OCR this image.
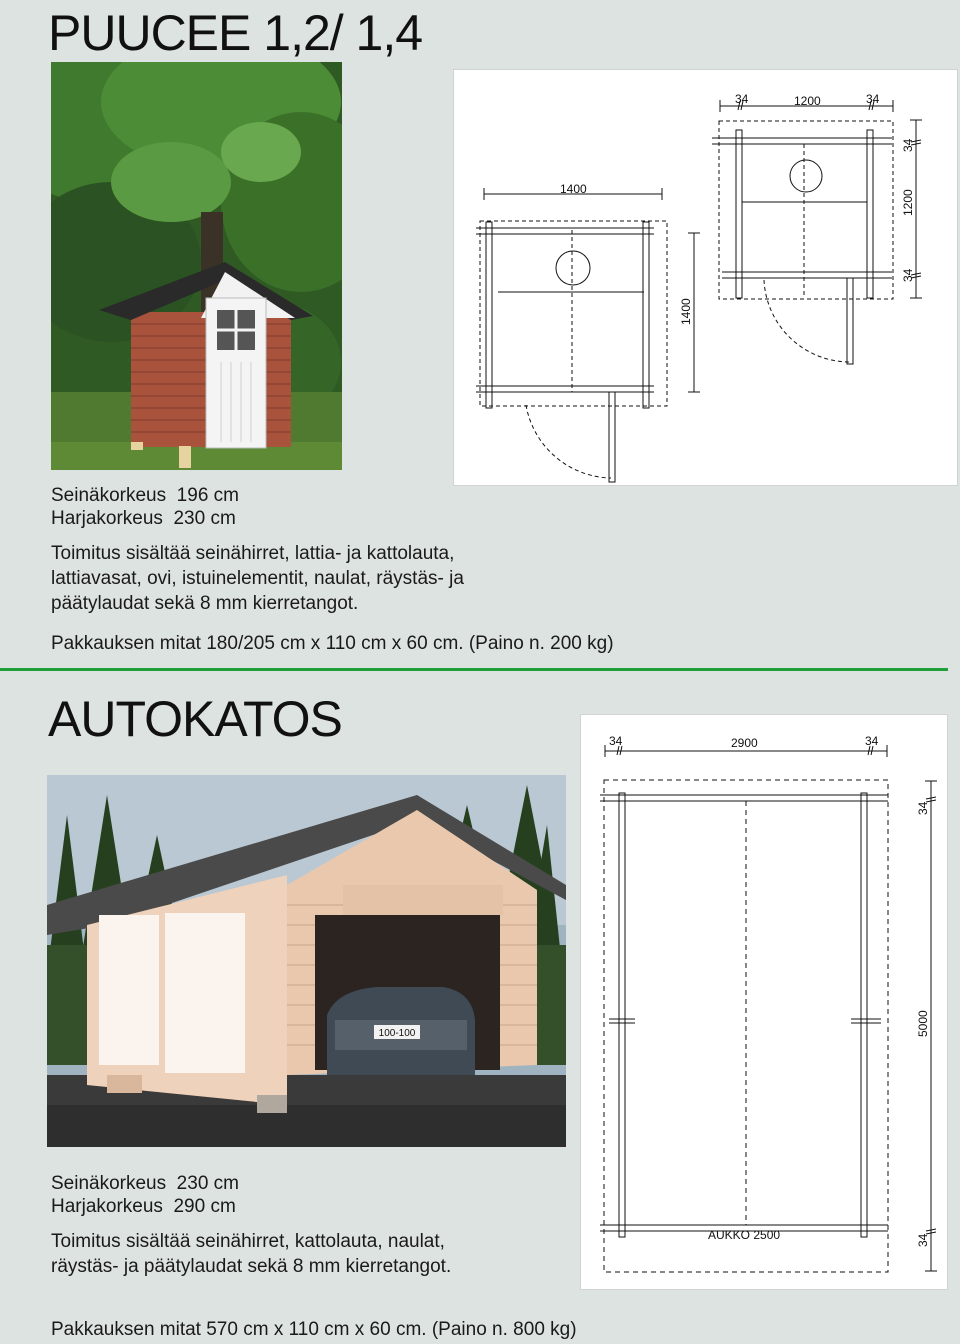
PUUCEE 1,2/ 1,4
1400
1400
34	1200	34
34
1200
34

Seinäkorkeus  196 cm

Harjakorkeus  230 cm

Toimitus sisältää seinähirret, lattia- ja kattolauta,

lattiavasat, ovi, istuinelementit, naulat, räystäs- ja

päätylaudat sekä 8 mm kierretangot.

Pakkauksen mitat 180/205 cm x 110 cm x 60 cm. (Paino n. 200 kg)

AUTOKATOS
100-100
34	2900	34
34
5000
34
AUKKO 2500

Seinäkorkeus  230 cm

Harjakorkeus  290 cm

Toimitus sisältää seinähirret, kattolauta, naulat,

räystäs- ja päätylaudat sekä 8 mm kierretangot.

Pakkauksen mitat 570 cm x 110 cm x 60 cm. (Paino n. 800 kg)
